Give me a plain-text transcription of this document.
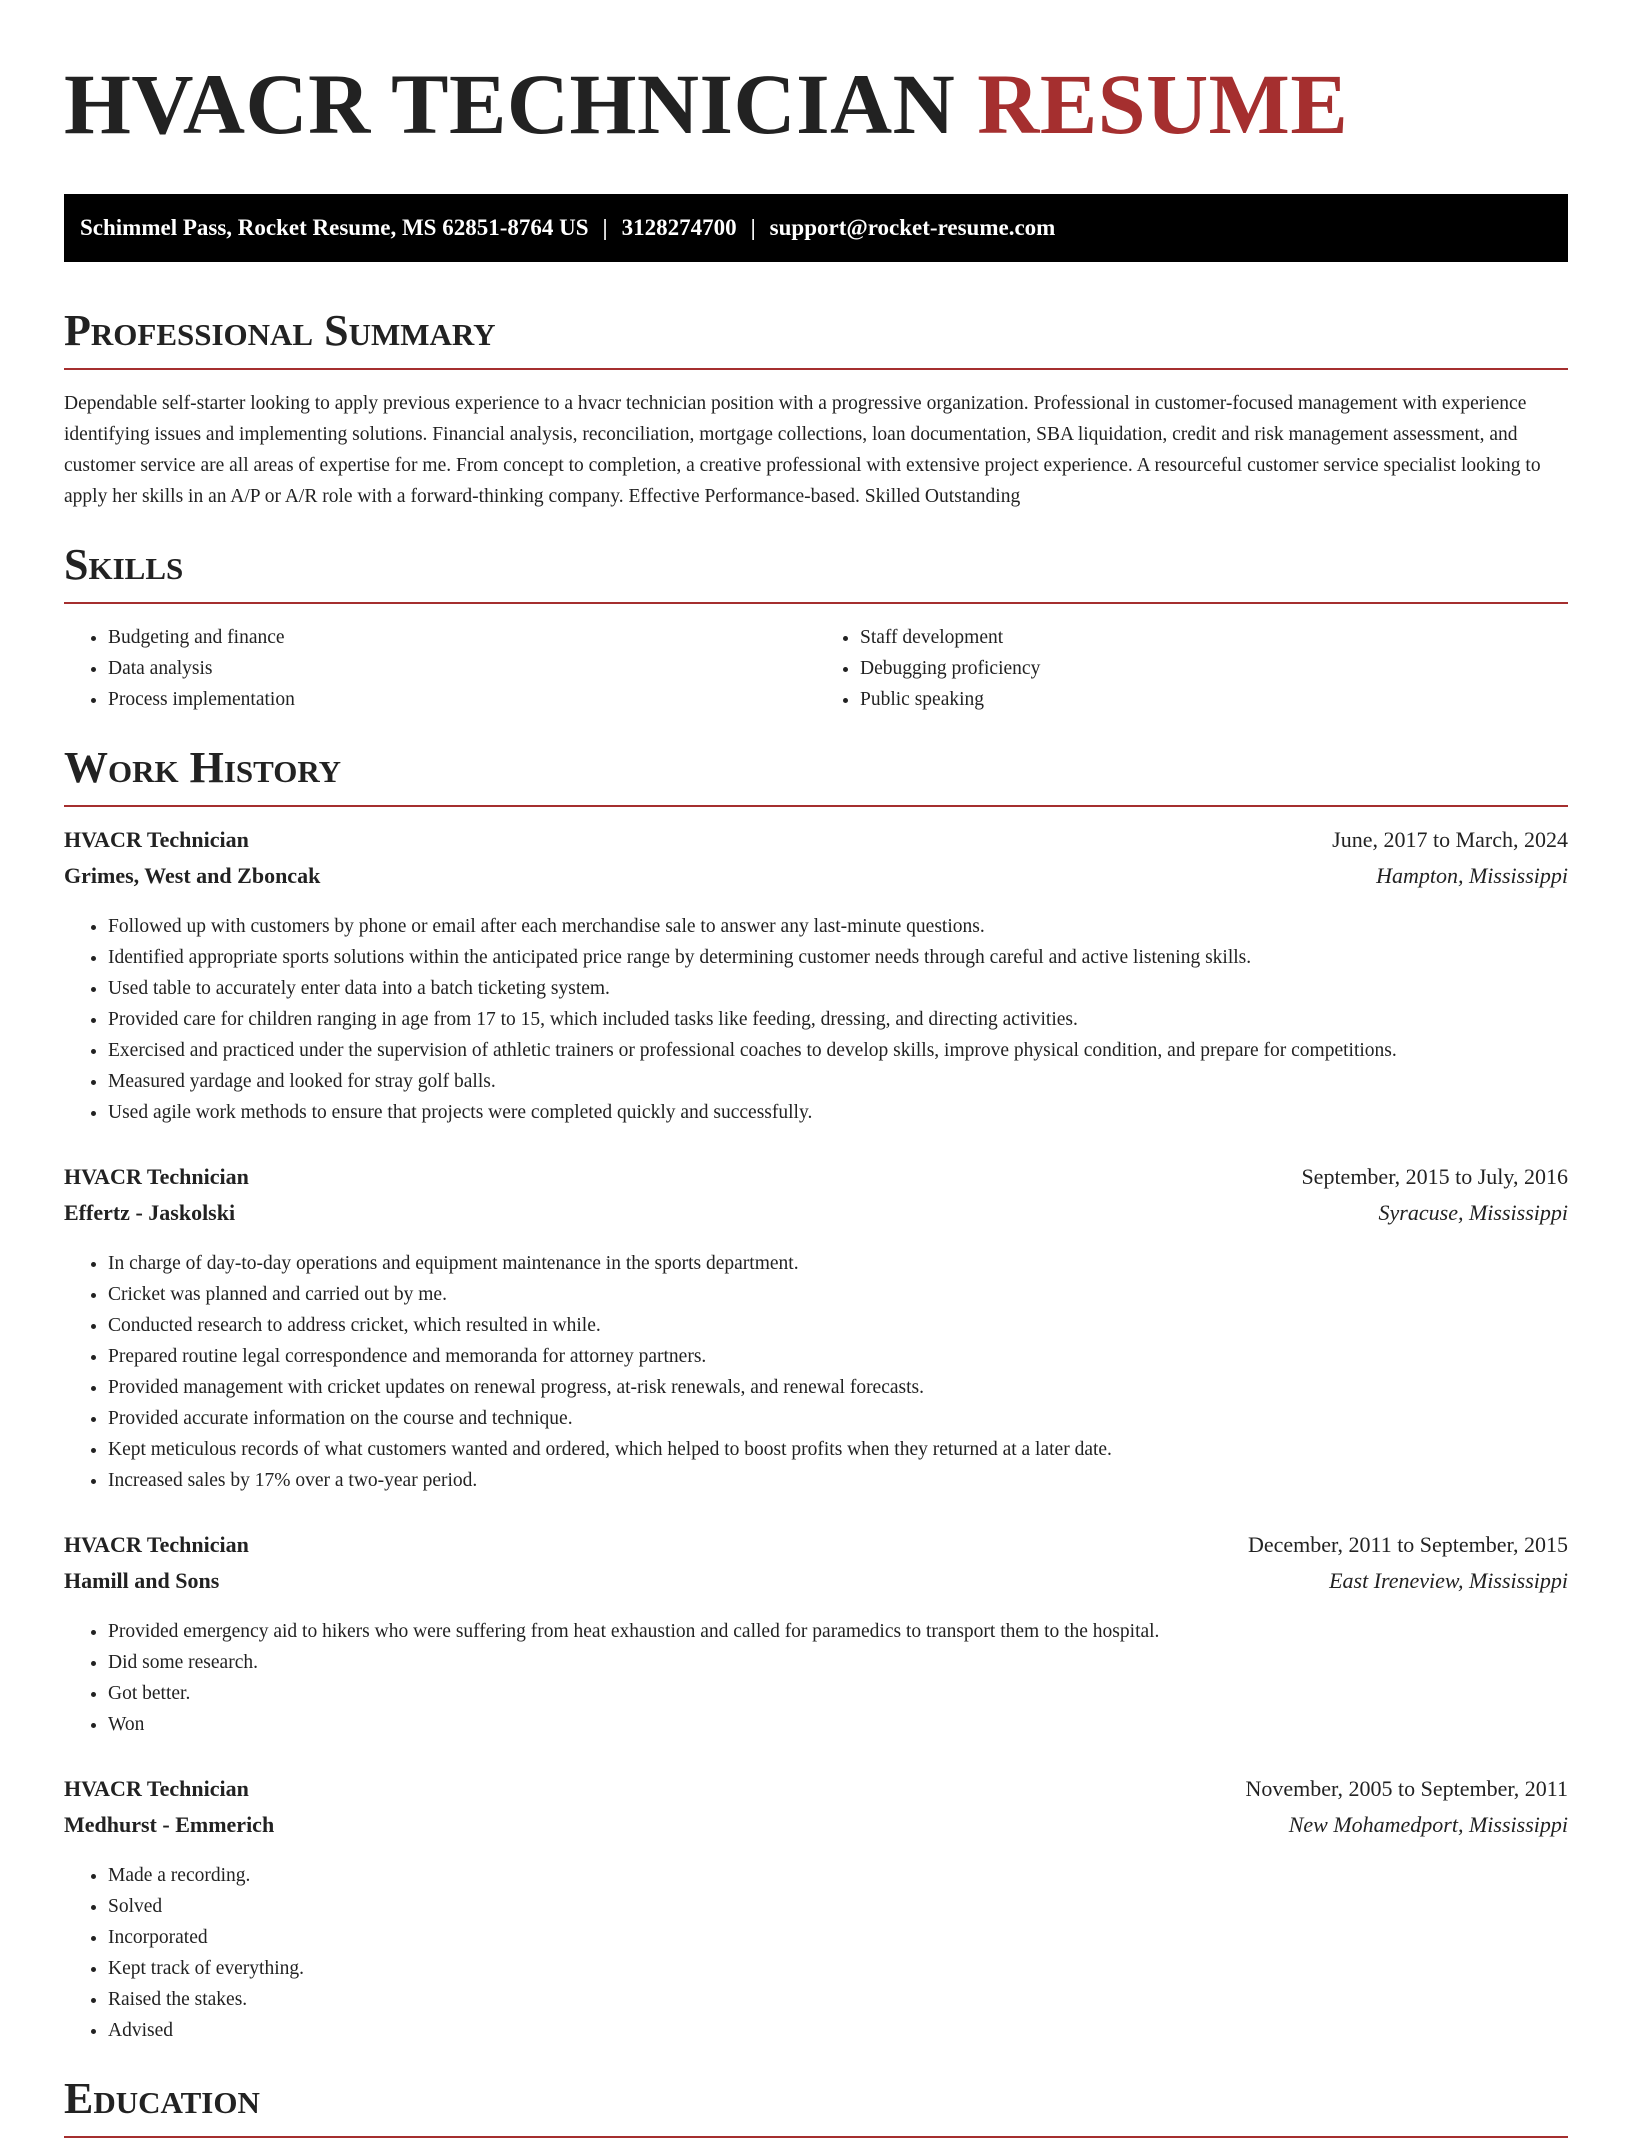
HVACR TECHNICIAN RESUME
Schimmel Pass, Rocket Resume, MS 62851-8764 US | 3128274700 | support@rocket-resume.com
Professional Summary

Dependable self-starter looking to apply previous experience to a hvacr technician position with a progressive organization. Professional in customer-focused management with experience identifying issues and implementing solutions. Financial analysis, reconciliation, mortgage collections, loan documentation, SBA liquidation, credit and risk management assessment, and customer service are all areas of expertise for me. From concept to completion, a creative professional with extensive project experience. A resourceful customer service specialist looking to apply her skills in an A/P or A/R role with a forward-thinking company. Effective Performance-based. Skilled Outstanding

Skills
• Budgeting and finance
• Data analysis
• Process implementation
• Staff development
• Debugging proficiency
• Public speaking
Work History
HVACR Technician	June, 2017 to March, 2024
Grimes, West and Zboncak	Hampton, Mississippi
• Followed up with customers by phone or email after each merchandise sale to answer any last-minute questions.
• Identified appropriate sports solutions within the anticipated price range by determining customer needs through careful and active listening skills.
• Used table to accurately enter data into a batch ticketing system.
• Provided care for children ranging in age from 17 to 15, which included tasks like feeding, dressing, and directing activities.
• Exercised and practiced under the supervision of athletic trainers or professional coaches to develop skills, improve physical condition, and prepare for competitions.
• Measured yardage and looked for stray golf balls.
• Used agile work methods to ensure that projects were completed quickly and successfully.
HVACR Technician	September, 2015 to July, 2016
Effertz - Jaskolski	Syracuse, Mississippi
• In charge of day-to-day operations and equipment maintenance in the sports department.
• Cricket was planned and carried out by me.
• Conducted research to address cricket, which resulted in while.
• Prepared routine legal correspondence and memoranda for attorney partners.
• Provided management with cricket updates on renewal progress, at-risk renewals, and renewal forecasts.
• Provided accurate information on the course and technique.
• Kept meticulous records of what customers wanted and ordered, which helped to boost profits when they returned at a later date.
• Increased sales by 17% over a two-year period.
HVACR Technician	December, 2011 to September, 2015
Hamill and Sons	East Ireneview, Mississippi
• Provided emergency aid to hikers who were suffering from heat exhaustion and called for paramedics to transport them to the hospital.
• Did some research.
• Got better.
• Won
HVACR Technician	November, 2005 to September, 2011
Medhurst - Emmerich	New Mohamedport, Mississippi
• Made a recording.
• Solved
• Incorporated
• Kept track of everything.
• Raised the stakes.
• Advised
Education
